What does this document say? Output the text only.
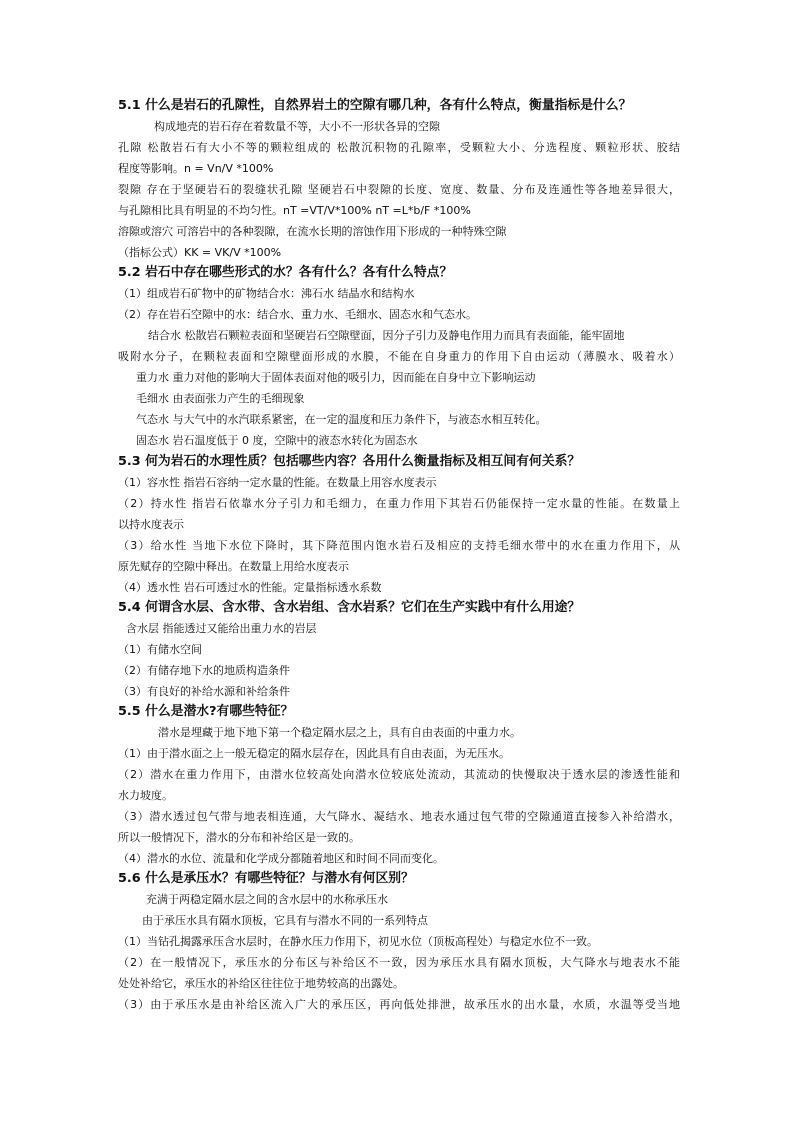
5.1 什么是岩石的孔隙性，自然界岩土的空隙有哪几种，各有什么特点，衡量指标是什么？
构成地壳的岩石存在着数量不等，大小不一形状各异的空隙
孔隙 松散岩石有大小不等的颗粒组成的 松散沉积物的孔隙率，受颗粒大小、分选程度、颗粒形状、胶结
程度等影响。n = Vn/V *100%
裂隙 存在于坚硬岩石的裂缝状孔隙 坚硬岩石中裂隙的长度、宽度、数量、分布及连通性等各地差异很大，
与孔隙相比具有明显的不均匀性。nT =VT/V*100% nT =L*b/F *100%
溶隙或溶穴 可溶岩中的各种裂隙，在流水长期的溶蚀作用下形成的一种特殊空隙
（指标公式）KK = VK/V *100%
5.2 岩石中存在哪些形式的水？各有什么？各有什么特点？
（1）组成岩石矿物中的矿物结合水：沸石水 结晶水和结构水
（2）存在岩石空隙中的水：结合水、重力水、毛细水、固态水和气态水。
结合水 松散岩石颗粒表面和坚硬岩石空隙壁面，因分子引力及静电作用力而具有表面能，能牢固地
吸附水分子，在颗粒表面和空隙壁面形成的水膜，不能在自身重力的作用下自由运动（薄膜水、吸着水）
重力水 重力对他的影响大于固体表面对他的吸引力，因而能在自身中立下影响运动
毛细水 由表面张力产生的毛细现象
气态水 与大气中的水汽联系紧密，在一定的温度和压力条件下，与液态水相互转化。
固态水 岩石温度低于 0 度，空隙中的液态水转化为固态水
5.3 何为岩石的水理性质？包括哪些内容？各用什么衡量指标及相互间有何关系？
（1）容水性 指岩石容纳一定水量的性能。在数量上用容水度表示
（2）持水性 指岩石依靠水分子引力和毛细力，在重力作用下其岩石仍能保持一定水量的性能。在数量上
以持水度表示
（3）给水性 当地下水位下降时，其下降范围内饱水岩石及相应的支持毛细水带中的水在重力作用下，从
原先赋存的空隙中释出。在数量上用给水度表示
（4）透水性 岩石可透过水的性能。定量指标透水系数
5.4 何谓含水层、含水带、含水岩组、含水岩系？它们在生产实践中有什么用途？
含水层 指能透过又能给出重力水的岩层
（1）有储水空间
（2）有储存地下水的地质构造条件
（3）有良好的补给水源和补给条件
5.5 什么是潜水?有哪些特征？
潜水是埋藏于地下地下第一个稳定隔水层之上，具有自由表面的中重力水。
（1）由于潜水面之上一般无稳定的隔水层存在，因此具有自由表面，为无压水。
（2）潜水在重力作用下，由潜水位较高处向潜水位较底处流动，其流动的快慢取决于透水层的渗透性能和
水力坡度。
（3）潜水透过包气带与地表相连通，大气降水、凝结水、地表水通过包气带的空隙通道直接参入补给潜水，
所以一般情况下，潜水的分布和补给区是一致的。
（4）潜水的水位、流量和化学成分都随着地区和时间不同而变化。
5.6 什么是承压水？有哪些特征？与潜水有何区别？
充满于两稳定隔水层之间的含水层中的水称承压水
由于承压水具有隔水顶板，它具有与潜水不同的一系列特点
（1）当钻孔揭露承压含水层时，在静水压力作用下，初见水位（顶板高程处）与稳定水位不一致。
（2）在一般情况下，承压水的分布区与补给区不一致，因为承压水具有隔水顶板，大气降水与地表水不能
处处补给它，承压水的补给区往往位于地势较高的出露处。
（3）由于承压水是由补给区流入广大的承压区，再向低处排泄，故承压水的出水量，水质，水温等受当地
